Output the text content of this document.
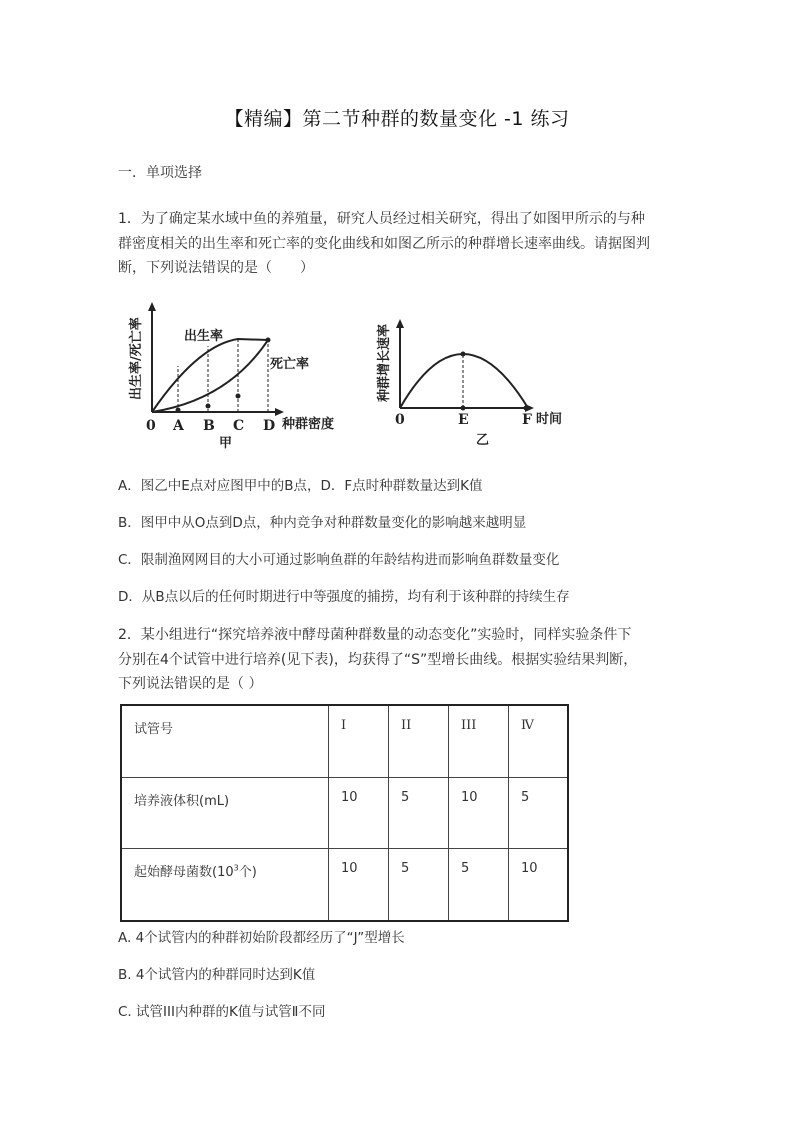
【精编】第二节种群的数量变化 -1 练习
一．单项选择
1．为了确定某水域中鱼的养殖量，研究人员经过相关研究，得出了如图甲所示的与种
群密度相关的出生率和死亡率的变化曲线和如图乙所示的种群增长速率曲线。请据图判
断，下列说法错误的是（　　）
出生率/死亡率	出生率
死亡率
0 A B C D 种群密度
甲
种群增长速率
0	E	F 时间
乙
A．图乙中E点对应图甲中的B点，D．F点时种群数量达到K值
B．图甲中从O点到D点，种内竞争对种群数量变化的影响越来越明显
C．限制渔网网目的大小可通过影响鱼群的年龄结构进而影响鱼群数量变化
D．从B点以后的任何时期进行中等强度的捕捞，均有利于该种群的持续生存
2．某小组进行“探究培养液中酵母菌种群数量的动态变化”实验时，同样实验条件下
分别在4个试管中进行培养(见下表)，均获得了“S”型增长曲线。根据实验结果判断，
下列说法错误的是（ ）
试管号	I	II	III	Ⅳ
培养液体积(mL)	10	5	10	5
起始酵母菌数($10^3$个)	10	5	5	10
A. 4个试管内的种群初始阶段都经历了“J”型增长
B. 4个试管内的种群同时达到K值
C. 试管III内种群的K值与试管Ⅱ不同
